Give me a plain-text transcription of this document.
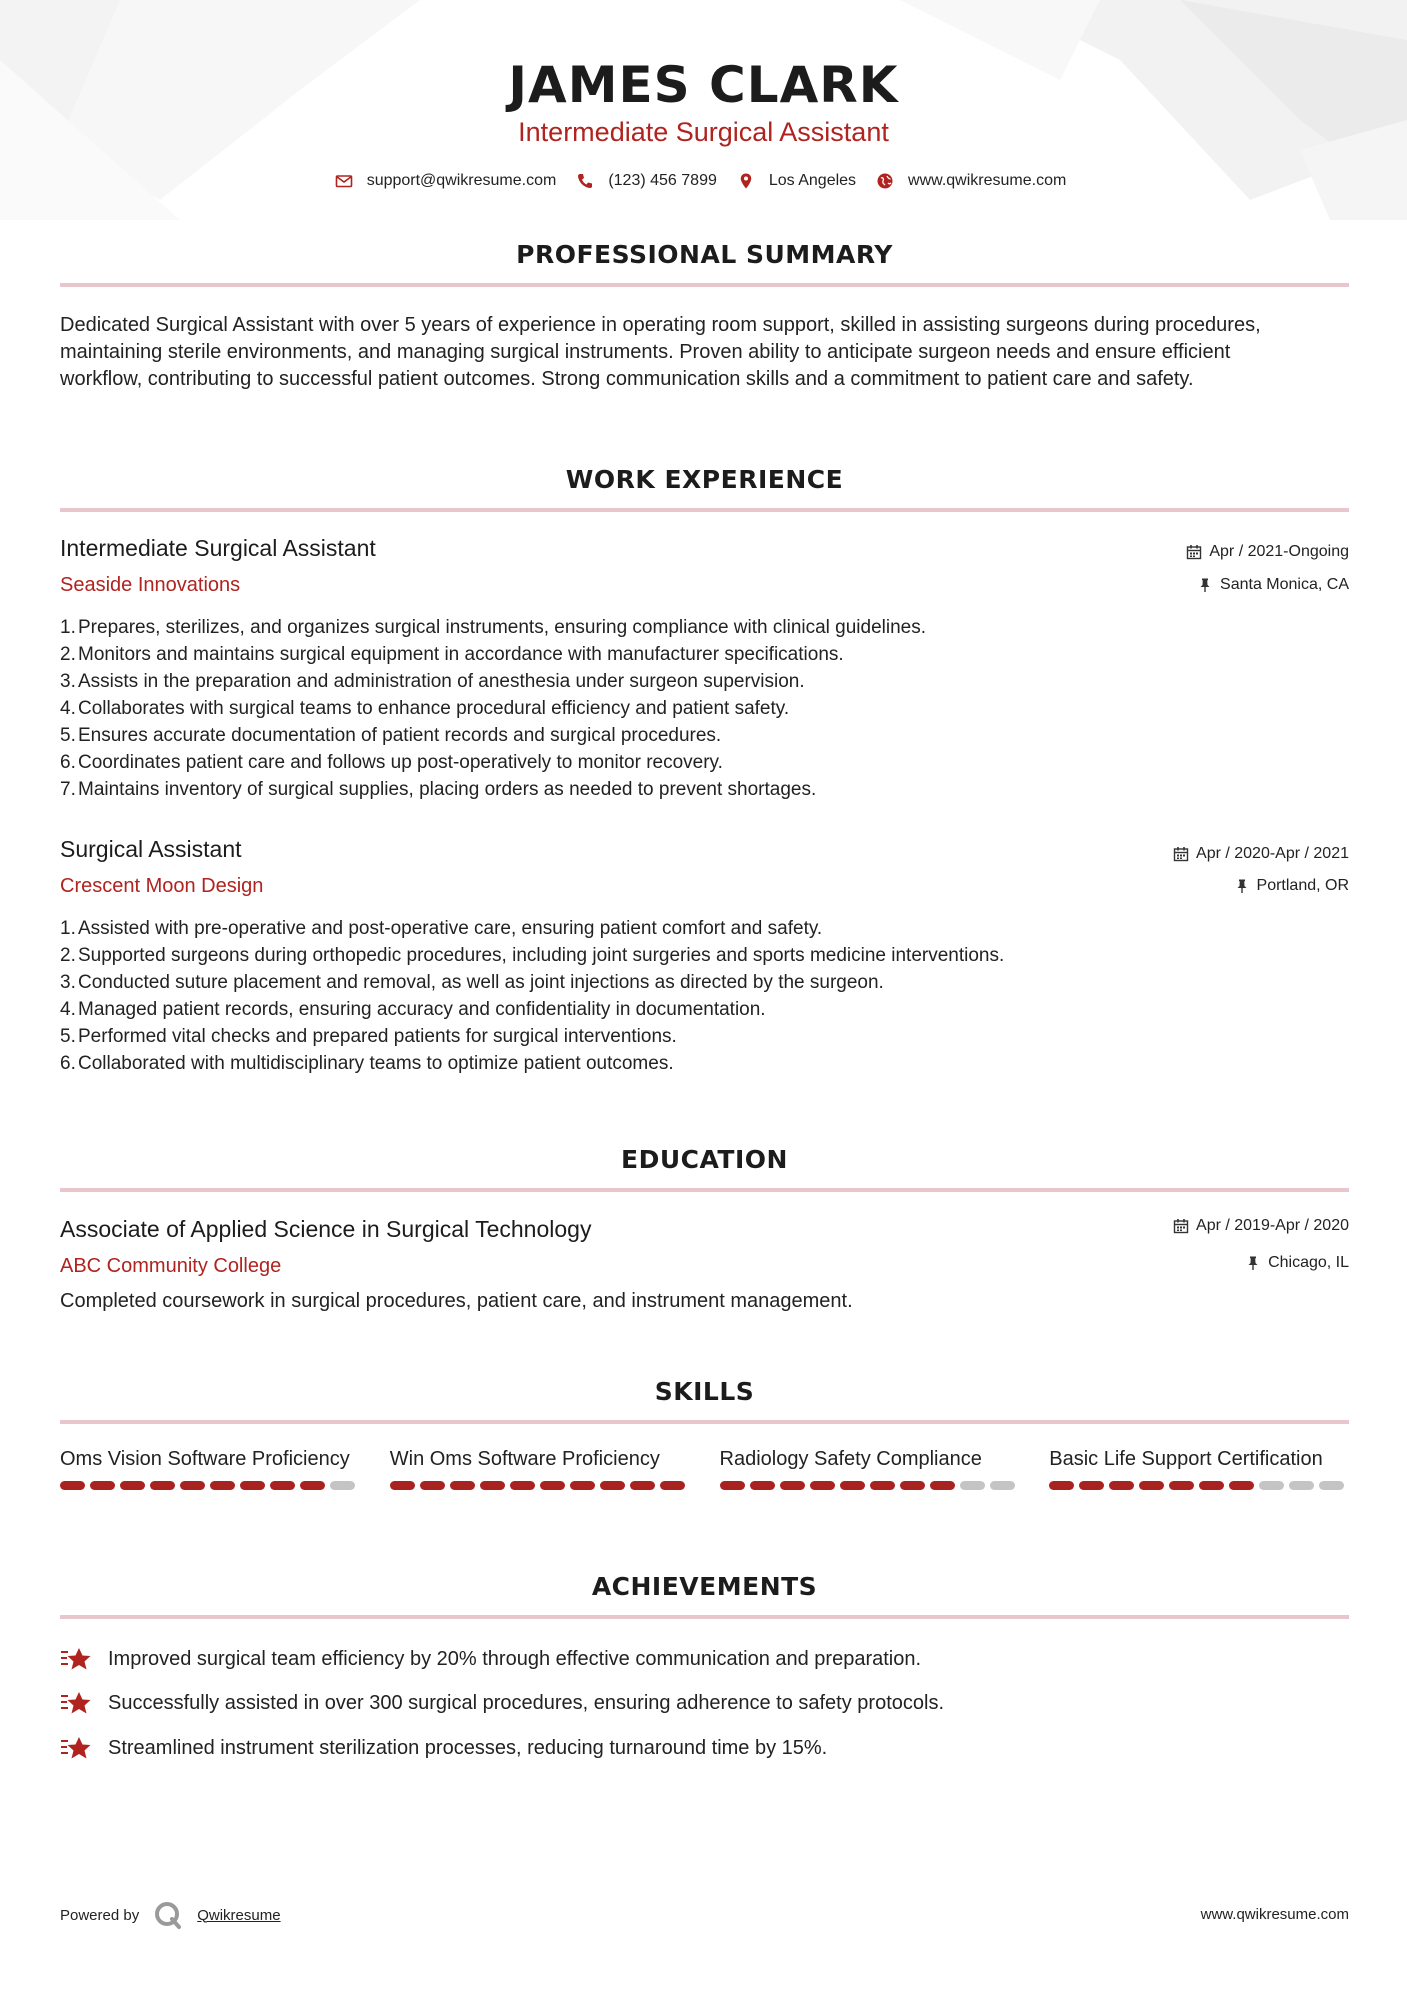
JAMES CLARK
Intermediate Surgical Assistant
support@qwikresume.com	(123) 456 7899	Los Angeles	www.qwikresume.com
PROFESSIONAL SUMMARY
Dedicated Surgical Assistant with over 5 years of experience in operating room support, skilled in assisting surgeons during procedures, maintaining sterile environments, and managing surgical instruments. Proven ability to anticipate surgeon needs and ensure efficient workflow, contributing to successful patient outcomes. Strong communication skills and a commitment to patient care and safety.
WORK EXPERIENCE
Intermediate Surgical Assistant
Seaside Innovations
Apr / 2021-Ongoing
Santa Monica, CA
1. Prepares, sterilizes, and organizes surgical instruments, ensuring compliance with clinical guidelines.
2. Monitors and maintains surgical equipment in accordance with manufacturer specifications.
3. Assists in the preparation and administration of anesthesia under surgeon supervision.
4. Collaborates with surgical teams to enhance procedural efficiency and patient safety.
5. Ensures accurate documentation of patient records and surgical procedures.
6. Coordinates patient care and follows up post-operatively to monitor recovery.
7. Maintains inventory of surgical supplies, placing orders as needed to prevent shortages.
Surgical Assistant
Crescent Moon Design
Apr / 2020-Apr / 2021
Portland, OR
1. Assisted with pre-operative and post-operative care, ensuring patient comfort and safety.
2. Supported surgeons during orthopedic procedures, including joint surgeries and sports medicine interventions.
3. Conducted suture placement and removal, as well as joint injections as directed by the surgeon.
4. Managed patient records, ensuring accuracy and confidentiality in documentation.
5. Performed vital checks and prepared patients for surgical interventions.
6. Collaborated with multidisciplinary teams to optimize patient outcomes.
EDUCATION
Associate of Applied Science in Surgical Technology
ABC Community College
Apr / 2019-Apr / 2020
Chicago, IL
Completed coursework in surgical procedures, patient care, and instrument management.
SKILLS
Oms Vision Software Proficiency	Win Oms Software Proficiency	Radiology Safety Compliance	Basic Life Support Certification
ACHIEVEMENTS
Improved surgical team efficiency by 20% through effective communication and preparation.
Successfully assisted in over 300 surgical procedures, ensuring adherence to safety protocols.
Streamlined instrument sterilization processes, reducing turnaround time by 15%.
Powered by	Qwikresume	www.qwikresume.com
